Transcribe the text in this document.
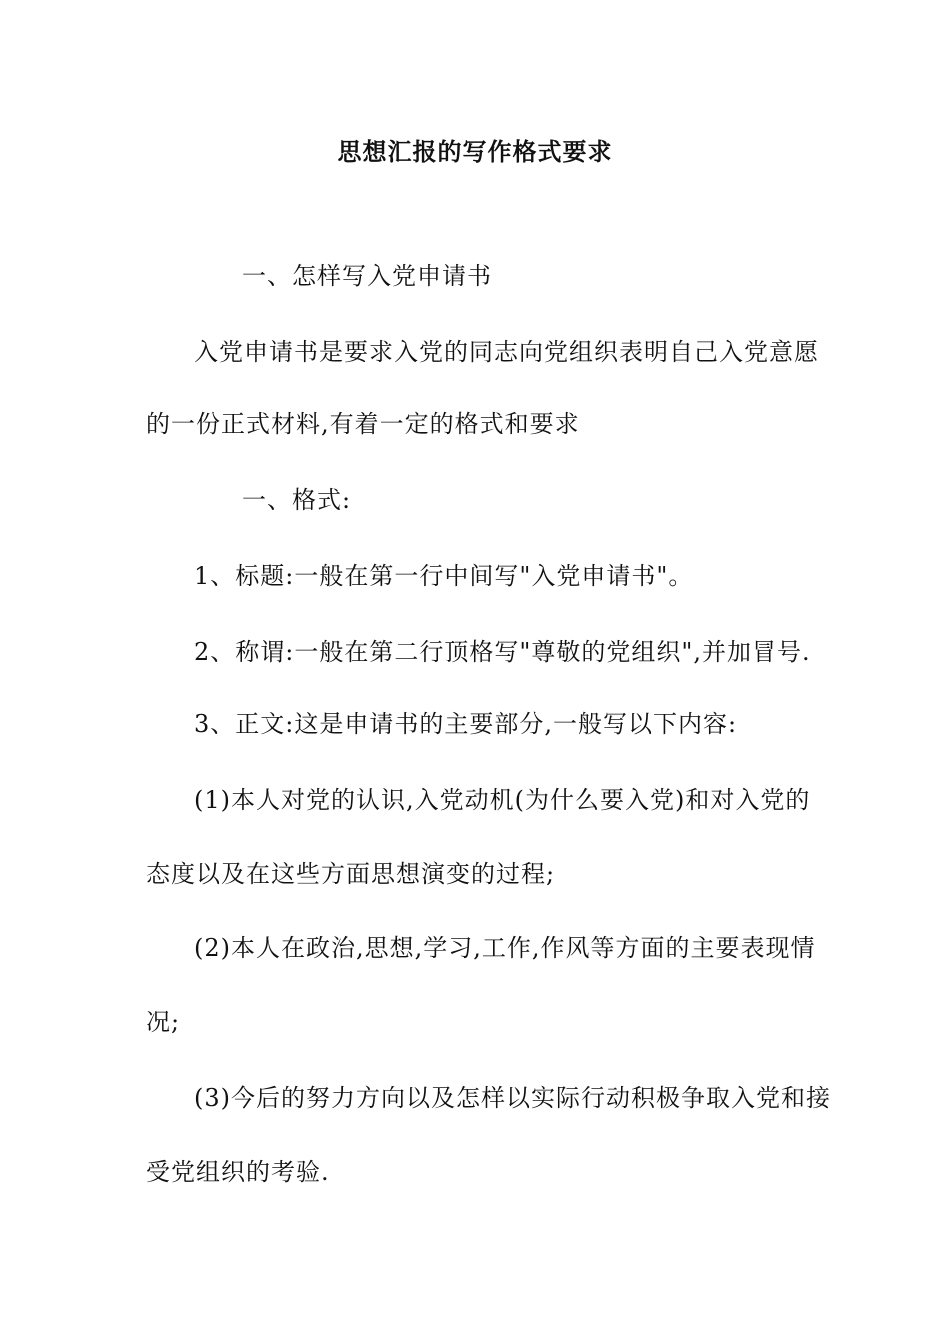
思想汇报的写作格式要求
一、怎样写入党申请书
入党申请书是要求入党的同志向党组织表明自己入党意愿
的一份正式材料,有着一定的格式和要求
一、格式:
1、标题:一般在第一行中间写"入党申请书"。
2、称谓:一般在第二行顶格写"尊敬的党组织",并加冒号.
3、正文:这是申请书的主要部分,一般写以下内容:
(1)本人对党的认识,入党动机(为什么要入党)和对入党的
态度以及在这些方面思想演变的过程;
(2)本人在政治,思想,学习,工作,作风等方面的主要表现情
况;
(3)今后的努力方向以及怎样以实际行动积极争取入党和接
受党组织的考验.
